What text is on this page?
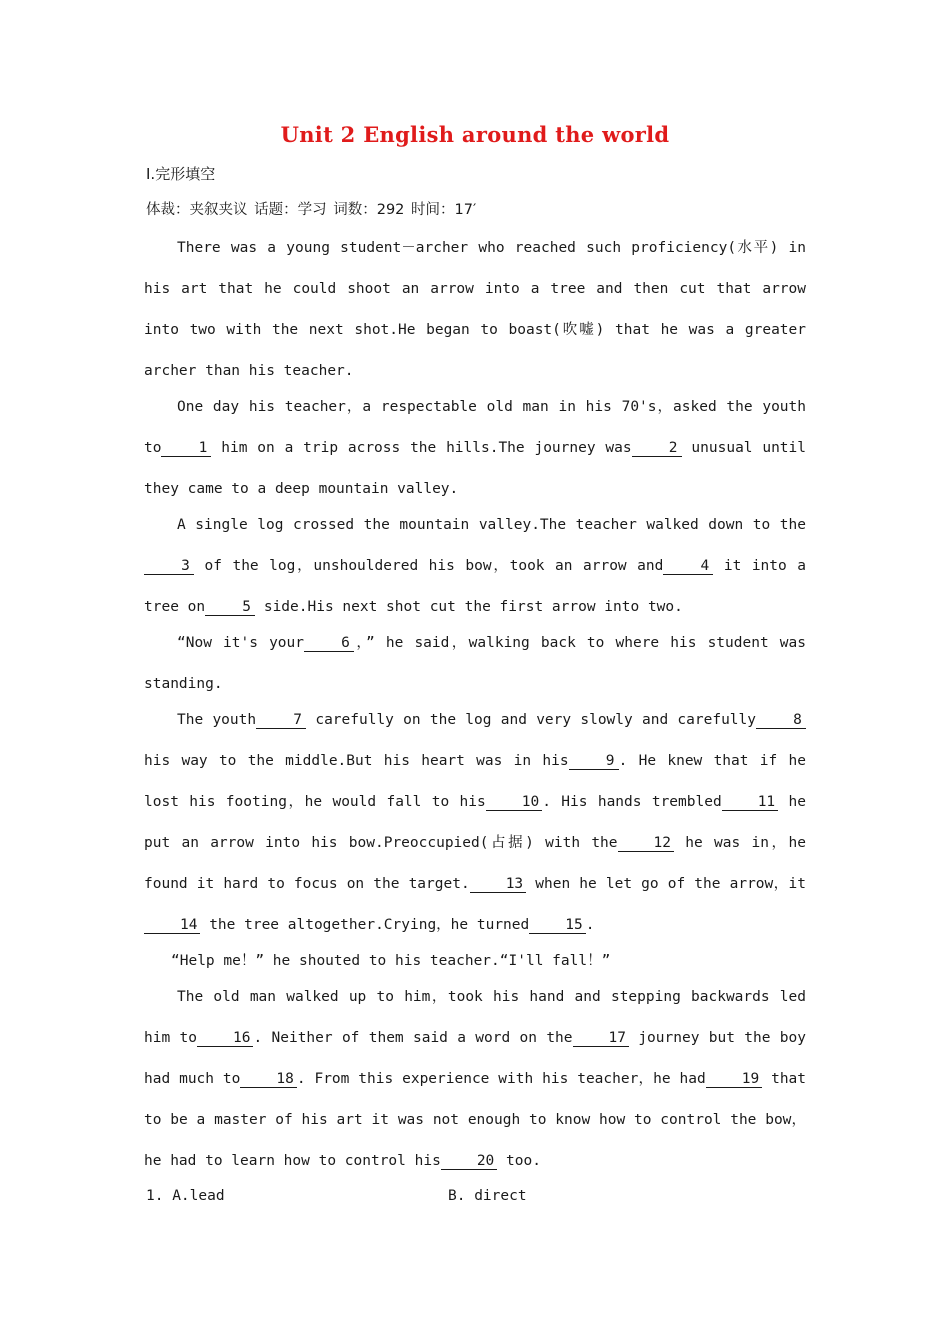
Unit 2 English around the world
Ⅰ.完形填空
体裁：夹叙夹议 话题：学习 词数：292 时间：17′

There was a young student－archer who reached such proficiency(水平) in his art that he could shoot an arrow into a tree and then cut that arrow into two with the next shot.He began to boast(吹嘘) that he was a greater archer than his teacher.

One day his teacher，a respectable old man in his 70's，asked the youth to	1 him on a trip across the hills.The journey was	2 unusual until they came to a deep mountain valley.

A single log crossed the mountain valley.The teacher walked down to the3 of the log，unshouldered his bow，took an arrow and	4 it into a tree on	5 side.His next shot cut the first arrow into two.

“Now it's your	6 ，” he said，walking back to where his student was standing.

The youth	7 carefully on the log and very slowly and carefully	8 his way to the middle.But his heart was in his	9 . He knew that if he lost his footing，he would fall to his 10 . His hands trembled 11 he put an arrow into his bow.Preoccupied(占据) with the 12 he was in，he found it hard to focus on the target. 13 when he let go of the arrow，it14 the tree altogether.Crying，he turned 15 .

“Help me！” he shouted to his teacher.“I'll fall！”

The old man walked up to him，took his hand and stepping backwards led him to 16 . Neither of them said a word on the 17 journey but the boy had much to 18 . From this experience with his teacher，he had 19 that to be a master of his art it was not enough to know how to control the bow，he had to learn how to control his 20 too.

1. A.lead	B. direct
